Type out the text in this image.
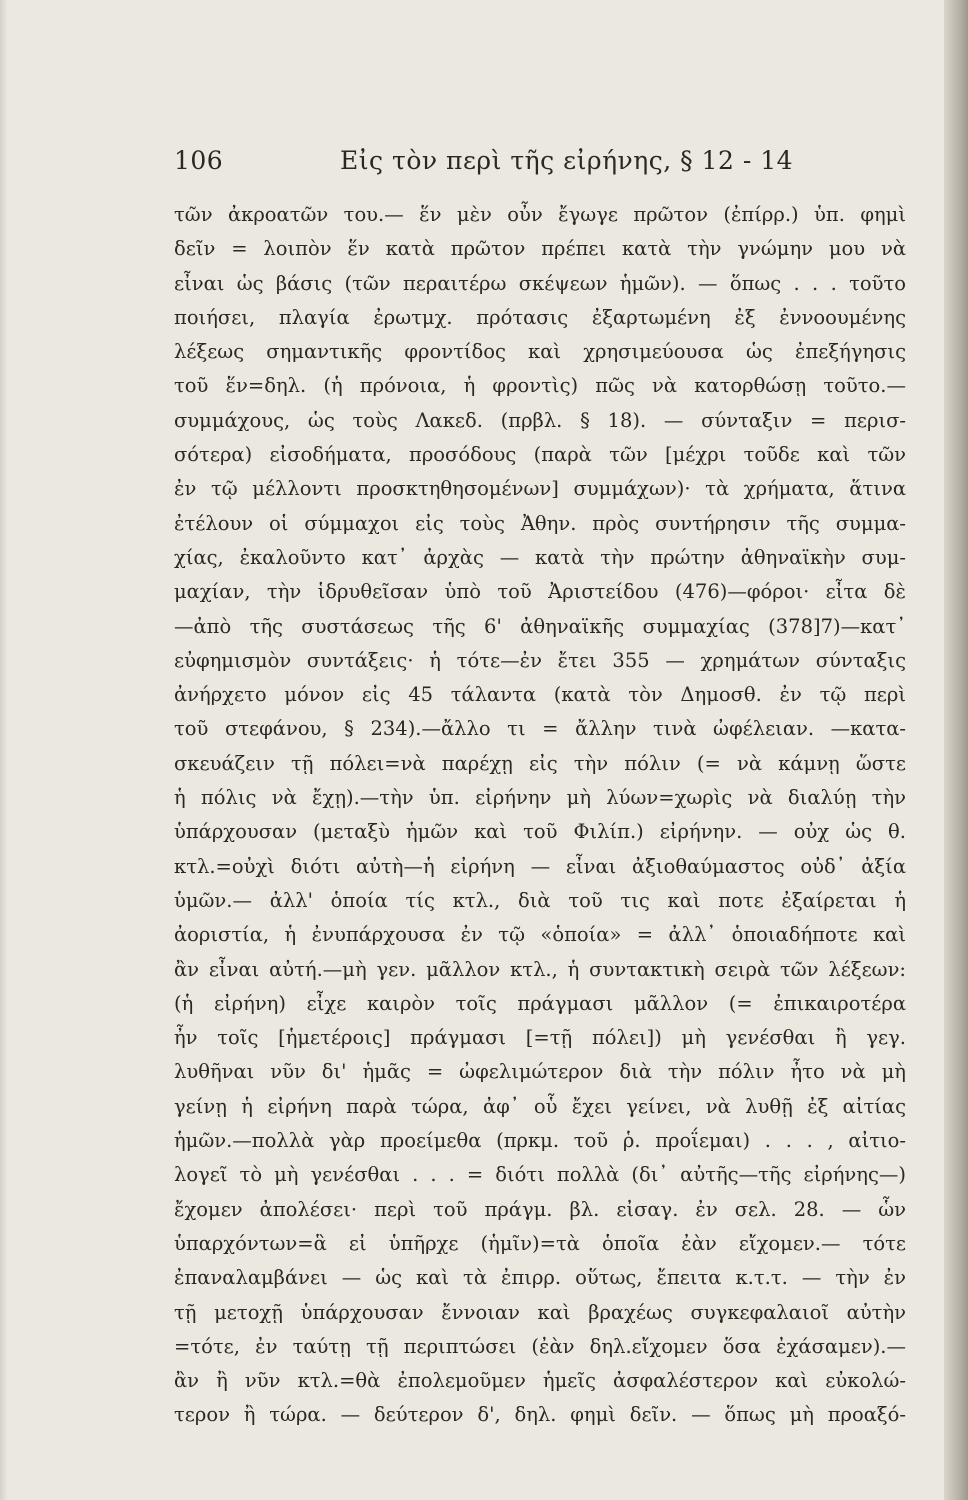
106	Εἰς τὸν περὶ τῆς εἰρήνης, § 12 - 14
τῶν ἀκροατῶν του.— ἕν μὲν οὖν ἔγωγε πρῶτον (ἐπίρρ.) ὑπ. φημὶ
δεῖν = λοιπὸν ἕν κατὰ πρῶτον πρέπει κατὰ τὴν γνώμην μου νὰ
εἶναι ὡς βάσις (τῶν περαιτέρω σκέψεων ἡμῶν). — ὅπως . . . τοῦτο
ποιήσει, πλαγία ἐρωτμχ. πρότασις ἐξαρτωμένη ἐξ ἐννοουμένης
λέξεως σημαντικῆς φροντίδος καὶ χρησιμεύουσα ὡς ἐπεξήγησις
τοῦ ἕν=δηλ. (ἡ πρόνοια, ἡ φροντὶς) πῶς νὰ κατορθώσῃ τοῦτο.—
συμμάχους, ὡς τοὺς Λακεδ. (πρβλ. § 18). — σύνταξιν = περισ-
σότερα) εἰσοδήματα, προσόδους (παρὰ τῶν [μέχρι τοῦδε καὶ τῶν
ἐν τῷ μέλλοντι προσκτηθησομένων] συμμάχων)· τὰ χρήματα, ἅτινα
ἐτέλουν οἱ σύμμαχοι εἰς τοὺς Ἀθην. πρὸς συντήρησιν τῆς συμμα-
χίας, ἐκαλοῦντο κατ᾽ ἀρχὰς — κατὰ τὴν πρώτην ἀθηναϊκὴν συμ-
μαχίαν, τὴν ἱδρυθεῖσαν ὑπὸ τοῦ Ἀριστείδου (476)—φόροι· εἶτα δὲ
—ἀπὸ τῆς συστάσεως τῆς 6' ἀθηναϊκῆς συμμαχίας (378]7)—κατ᾽
εὐφημισμὸν συντάξεις· ἡ τότε—ἐν ἔτει 355 — χρημάτων σύνταξις
ἀνήρχετο μόνον εἰς 45 τάλαντα (κατὰ τὸν Δημοσθ. ἐν τῷ περὶ
τοῦ στεφάνου, § 234).—ἄλλο τι = ἄλλην τινὰ ὠφέλειαν. —κατα-
σκευάζειν τῇ πόλει=νὰ παρέχῃ εἰς τὴν πόλιν (= νὰ κάμνῃ ὥστε
ἡ πόλις νὰ ἔχῃ).—τὴν ὑπ. εἰρήνην μὴ λύων=χωρὶς νὰ διαλύῃ τὴν
ὑπάρχουσαν (μεταξὺ ἡμῶν καὶ τοῦ Φιλίπ.) εἰρήνην. — οὐχ ὡς θ.
κτλ.=οὐχὶ διότι αὐτὴ—ἡ εἰρήνη — εἶναι ἀξιοθαύμαστος οὐδ᾽ ἀξία
ὑμῶν.— ἀλλ' ὁποία τίς κτλ., διὰ τοῦ τις καὶ ποτε ἐξαίρεται ἡ
ἀοριστία, ἡ ἐνυπάρχουσα ἐν τῷ «ὁποία» = ἀλλ᾽ ὁποιαδήποτε καὶ
ἂν εἶναι αὐτή.—μὴ γεν. μᾶλλον κτλ., ἡ συντακτικὴ σειρὰ τῶν λέξεων:
(ἡ εἰρήνη) εἶχε καιρὸν τοῖς πράγμασι μᾶλλον (= ἐπικαιροτέρα
ἦν τοῖς [ἡμετέροις] πράγμασι [=τῇ πόλει]) μὴ γενέσθαι ἢ γεγ.
λυθῆναι νῦν δι' ἡμᾶς = ὠφελιμώτερον διὰ τὴν πόλιν ἦτο νὰ μὴ
γείνῃ ἡ εἰρήνη παρὰ τώρα, ἀφ᾽ οὗ ἔχει γείνει, νὰ λυθῇ ἐξ αἰτίας
ἡμῶν.—πολλὰ γὰρ προείμεθα (πρκμ. τοῦ ῥ. προΐεμαι) . . . , αἰτιο-
λογεῖ τὸ μὴ γενέσθαι . . . = διότι πολλὰ (δι᾽ αὐτῆς—τῆς εἰρήνης—)
ἔχομεν ἀπολέσει· περὶ τοῦ πράγμ. βλ. εἰσαγ. ἐν σελ. 28. — ὧν
ὑπαρχόντων=ἃ εἰ ὑπῆρχε (ἡμῖν)=τὰ ὁποῖα ἐὰν εἴχομεν.— τότε
ἐπαναλαμβάνει — ὡς καὶ τὰ ἐπιρρ. οὕτως, ἔπειτα κ.τ.τ. — τὴν ἐν
τῇ μετοχῇ ὑπάρχουσαν ἔννοιαν καὶ βραχέως συγκεφαλαιοῖ αὐτὴν
=τότε, ἐν ταύτῃ τῇ περιπτώσει (ἐὰν δηλ.εἴχομεν ὅσα ἐχάσαμεν).—
ἂν ἢ νῦν κτλ.=θὰ ἐπολεμοῦμεν ἡμεῖς ἀσφαλέστερον καὶ εὐκολώ-
τερον ἢ τώρα. — δεύτερον δ', δηλ. φημὶ δεῖν. — ὅπως μὴ προαξό-
